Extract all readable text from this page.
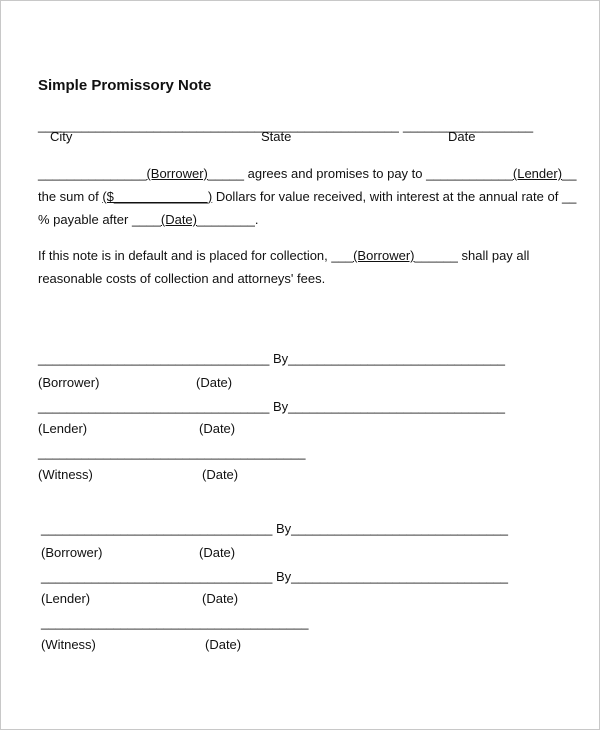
Simple Promissory Note
____________________ ______________________________ __________________
City	State	Date
_______________(Borrower)_____ agrees and promises to pay to ____________(Lender)__
the sum of ($_____________) Dollars for value received, with interest at the annual rate of __
% payable after ____(Date)________.
If this note is in default and is placed for collection, ___(Borrower)______ shall pay all
reasonable costs of collection and attorneys' fees.
________________________________ By______________________________
(Borrower)	(Date)
________________________________ By______________________________
(Lender)	(Date)
_____________________________________
(Witness)	(Date)
________________________________ By______________________________
(Borrower)	(Date)
________________________________ By______________________________
(Lender)	(Date)
_____________________________________
(Witness)	(Date)
